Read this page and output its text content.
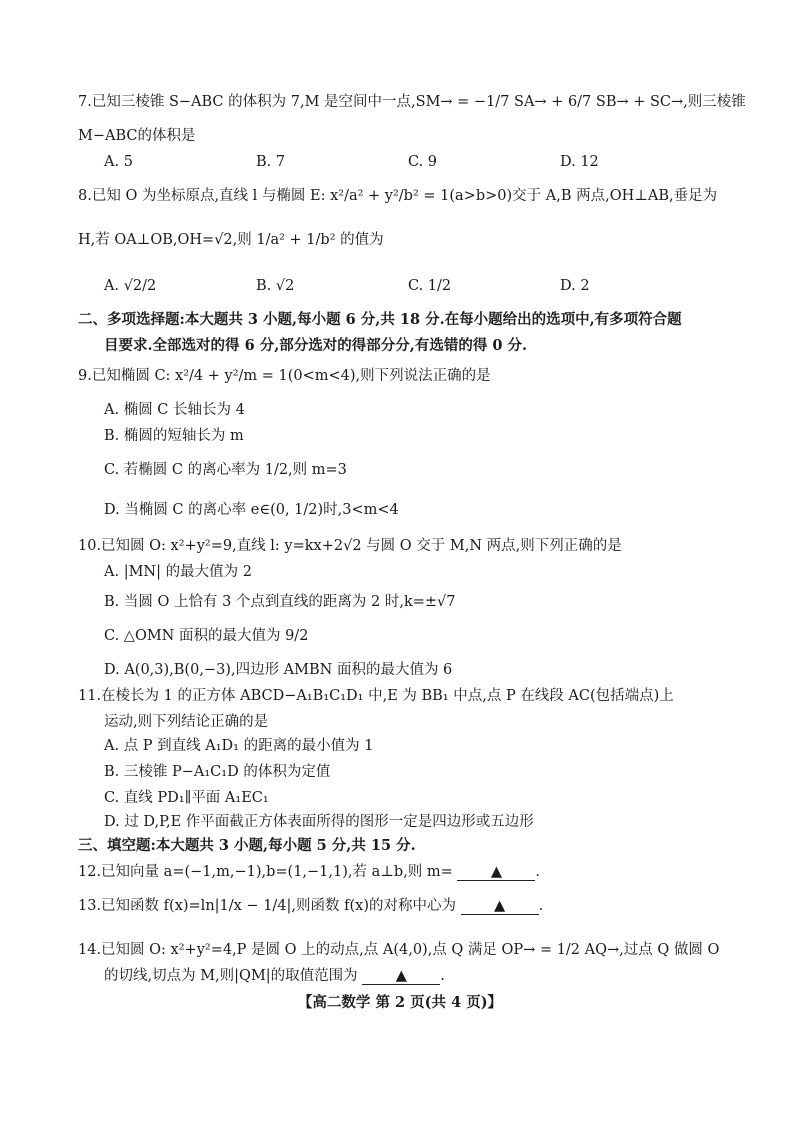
7.已知三棱锥 S−ABC 的体积为 7,M 是空间中一点,SM→ = −1/7 SA→ + 6/7 SB→ + SC→,则三棱锥
M−ABC的体积是
A. 5	B. 7	C. 9	D. 12
8.已知 O 为坐标原点,直线 l 与椭圆 E: x²/a² + y²/b² = 1(a>b>0)交于 A,B 两点,OH⊥AB,垂足为
H,若 OA⊥OB,OH=√2,则 1/a² + 1/b² 的值为
A. √2/2	B. √2	C. 1/2	D. 2
二、多项选择题:本大题共 3 小题,每小题 6 分,共 18 分.在每小题给出的选项中,有多项符合题
目要求.全部选对的得 6 分,部分选对的得部分分,有选错的得 0 分.
9.已知椭圆 C: x²/4 + y²/m = 1(0<m<4),则下列说法正确的是
A. 椭圆 C 长轴长为 4
B. 椭圆的短轴长为 m
C. 若椭圆 C 的离心率为 1/2,则 m=3
D. 当椭圆 C 的离心率 e∈(0, 1/2)时,3<m<4
10.已知圆 O: x²+y²=9,直线 l: y=kx+2√2 与圆 O 交于 M,N 两点,则下列正确的是
A. |MN| 的最大值为 2
B. 当圆 O 上恰有 3 个点到直线的距离为 2 时,k=±√7
C. △OMN 面积的最大值为 9/2
D. A(0,3),B(0,−3),四边形 AMBN 面积的最大值为 6
11.在棱长为 1 的正方体 ABCD−A₁B₁C₁D₁ 中,E 为 BB₁ 中点,点 P 在线段 AC(包括端点)上
运动,则下列结论正确的是
A. 点 P 到直线 A₁D₁ 的距离的最小值为 1
B. 三棱锥 P−A₁C₁D 的体积为定值
C. 直线 PD₁∥平面 A₁EC₁
D. 过 D,P,E 作平面截正方体表面所得的图形一定是四边形或五边形
三、填空题:本大题共 3 小题,每小题 5 分,共 15 分.
12.已知向量 a=(−1,m,−1),b=(1,−1,1),若 a⊥b,则 m=	▲ .
13.已知函数 f(x)=ln|1/x − 1/4|,则函数 f(x)的对称中心为	▲ .
14.已知圆 O: x²+y²=4,P 是圆 O 上的动点,点 A(4,0),点 Q 满足 OP→ = 1/2 AQ→,过点 Q 做圆 O
的切线,切点为 M,则|QM|的取值范围为	▲ .
【高二数学 第 2 页(共 4 页)】
